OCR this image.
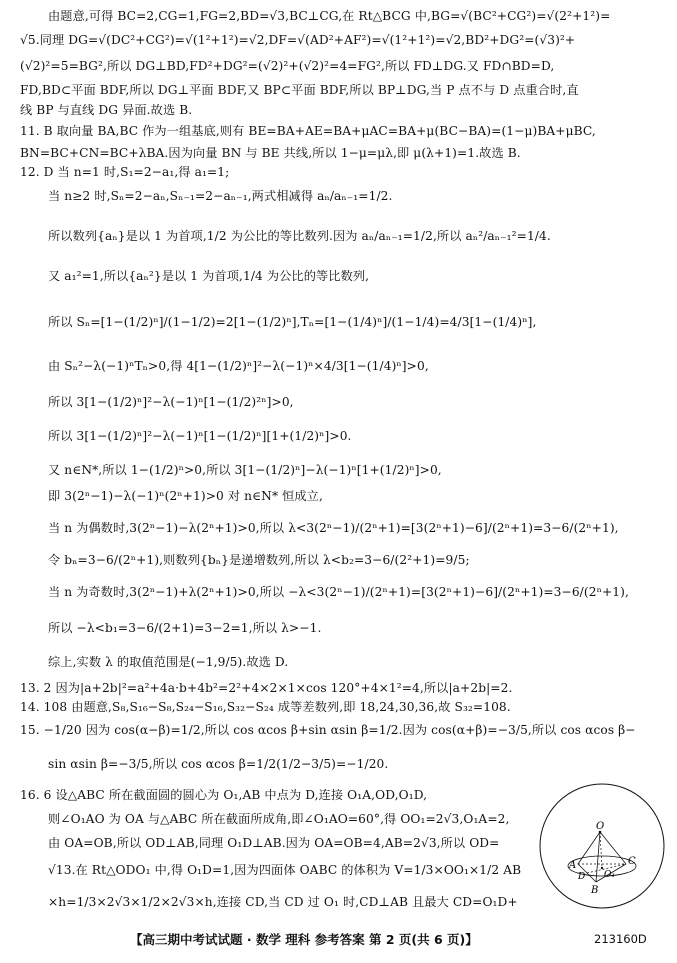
由题意,可得 BC=2,CG=1,FG=2,BD=√3,BC⊥CG,在 Rt△BCG 中,BG=√(BC²+CG²)=√(2²+1²)=
√5.同理 DG=√(DC²+CG²)=√(1²+1²)=√2,DF=√(AD²+AF²)=√(1²+1²)=√2,BD²+DG²=(√3)²+
(√2)²=5=BG²,所以 DG⊥BD,FD²+DG²=(√2)²+(√2)²=4=FG²,所以 FD⊥DG.又 FD∩BD=D,
FD,BD⊂平面 BDF,所以 DG⊥平面 BDF,又 BP⊂平面 BDF,所以 BP⊥DG,当 P 点不与 D 点重合时,直
线 BP 与直线 DG 异面.故选 B.
11. B 取向量 BA,BC 作为一组基底,则有 BE=BA+AE=BA+μAC=BA+μ(BC−BA)=(1−μ)BA+μBC,
BN=BC+CN=BC+λBA.因为向量 BN 与 BE 共线,所以 1−μ=μλ,即 μ(λ+1)=1.故选 B.
12. D 当 n=1 时,S₁=2−a₁,得 a₁=1;
当 n≥2 时,Sₙ=2−aₙ,Sₙ₋₁=2−aₙ₋₁,两式相减得 aₙ/aₙ₋₁=1/2.
所以数列{aₙ}是以 1 为首项,1/2 为公比的等比数列.因为 aₙ/aₙ₋₁=1/2,所以 aₙ²/aₙ₋₁²=1/4.
又 a₁²=1,所以{aₙ²}是以 1 为首项,1/4 为公比的等比数列,
所以 Sₙ=[1−(1/2)ⁿ]/(1−1/2)=2[1−(1/2)ⁿ],Tₙ=[1−(1/4)ⁿ]/(1−1/4)=4/3[1−(1/4)ⁿ],
由 Sₙ²−λ(−1)ⁿTₙ>0,得 4[1−(1/2)ⁿ]²−λ(−1)ⁿ×4/3[1−(1/4)ⁿ]>0,
所以 3[1−(1/2)ⁿ]²−λ(−1)ⁿ[1−(1/2)²ⁿ]>0,
所以 3[1−(1/2)ⁿ]²−λ(−1)ⁿ[1−(1/2)ⁿ][1+(1/2)ⁿ]>0.
又 n∈N*,所以 1−(1/2)ⁿ>0,所以 3[1−(1/2)ⁿ]−λ(−1)ⁿ[1+(1/2)ⁿ]>0,
即 3(2ⁿ−1)−λ(−1)ⁿ(2ⁿ+1)>0 对 n∈N* 恒成立,
当 n 为偶数时,3(2ⁿ−1)−λ(2ⁿ+1)>0,所以 λ<3(2ⁿ−1)/(2ⁿ+1)=[3(2ⁿ+1)−6]/(2ⁿ+1)=3−6/(2ⁿ+1),
令 bₙ=3−6/(2ⁿ+1),则数列{bₙ}是递增数列,所以 λ<b₂=3−6/(2²+1)=9/5;
当 n 为奇数时,3(2ⁿ−1)+λ(2ⁿ+1)>0,所以 −λ<3(2ⁿ−1)/(2ⁿ+1)=[3(2ⁿ+1)−6]/(2ⁿ+1)=3−6/(2ⁿ+1),
所以 −λ<b₁=3−6/(2+1)=3−2=1,所以 λ>−1.
综上,实数 λ 的取值范围是(−1,9/5).故选 D.
13. 2 因为|a+2b|²=a²+4a·b+4b²=2²+4×2×1×cos 120°+4×1²=4,所以|a+2b|=2.
14. 108 由题意,S₈,S₁₆−S₈,S₂₄−S₁₆,S₃₂−S₂₄ 成等差数列,即 18,24,30,36,故 S₃₂=108.
15. −1/20 因为 cos(α−β)=1/2,所以 cos αcos β+sin αsin β=1/2.因为 cos(α+β)=−3/5,所以 cos αcos β−
sin αsin β=−3/5,所以 cos αcos β=1/2(1/2−3/5)=−1/20.
16. 6 设△ABC 所在截面圆的圆心为 O₁,AB 中点为 D,连接 O₁A,OD,O₁D,
则∠O₁AO 为 OA 与△ABC 所在截面所成角,即∠O₁AO=60°,得 OO₁=2√3,O₁A=2,
由 OA=OB,所以 OD⊥AB,同理 O₁D⊥AB.因为 OA=OB=4,AB=2√3,所以 OD=
√13.在 Rt△ODO₁ 中,得 O₁D=1,因为四面体 OABC 的体积为 V=1/3×OO₁×1/2 AB
×h=1/3×2√3×1/2×2√3×h,连接 CD,当 CD 过 O₁ 时,CD⊥AB 且最大 CD=O₁D+
O
A
B
C
D O₁
【高三期中考试试题 · 数学 理科 参考答案 第 2 页(共 6 页)】	213160D
